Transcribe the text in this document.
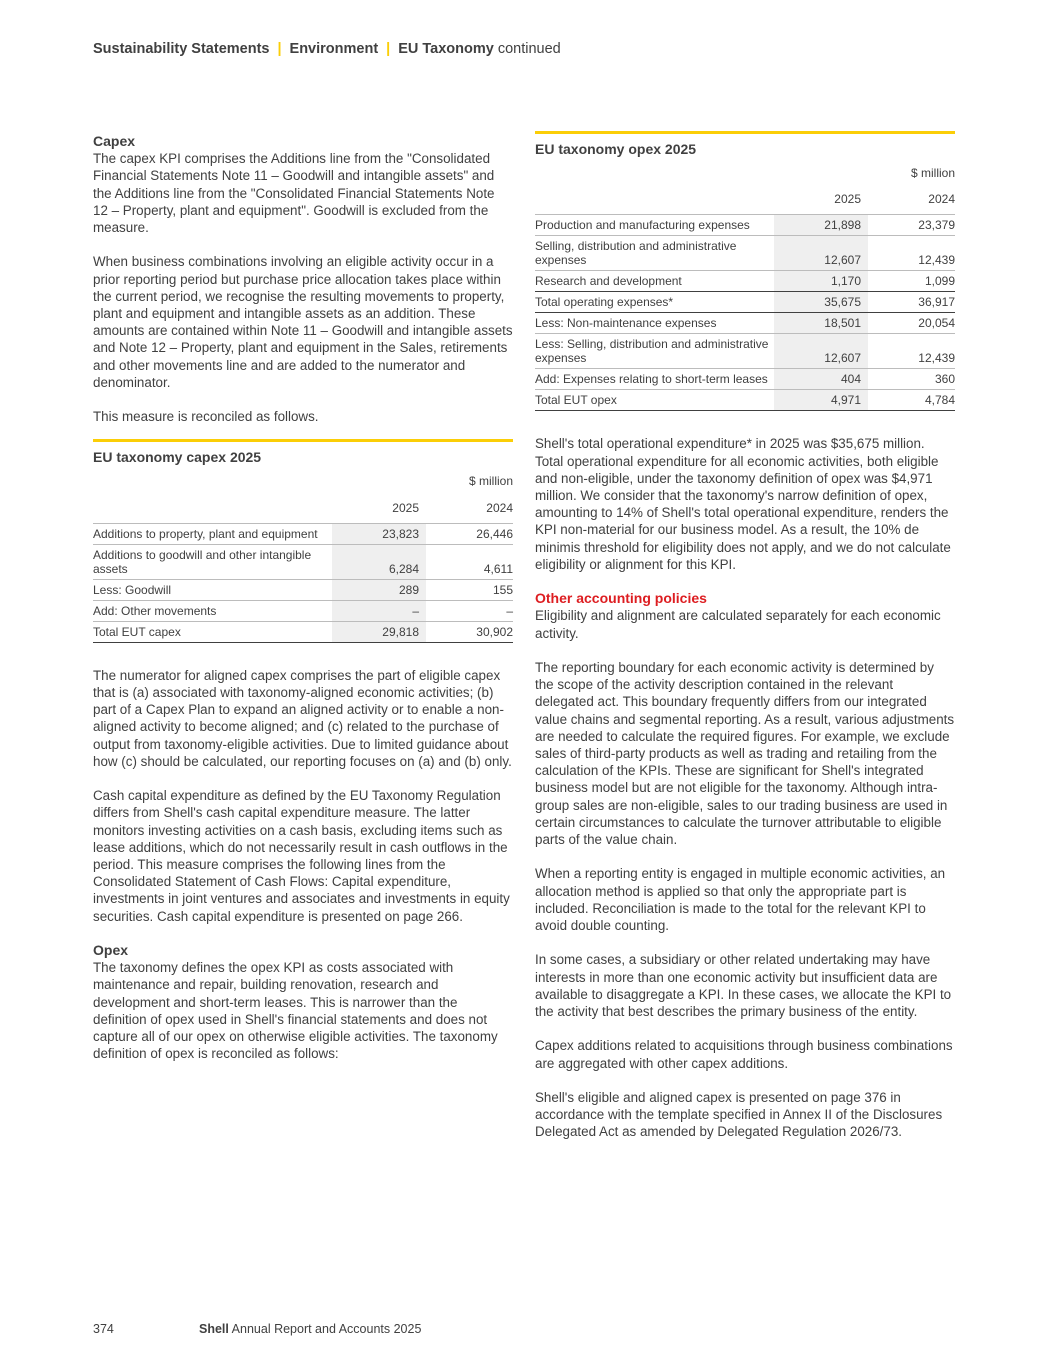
Sustainability Statements | Environment | EU Taxonomy continued
Capex

The capex KPI comprises the Additions line from the "Consolidated Financial Statements Note 11 – Goodwill and intangible assets" and the Additions line from the "Consolidated Financial Statements Note 12 – Property, plant and equipment". Goodwill is excluded from the measure.

When business combinations involving an eligible activity occur in a prior reporting period but purchase price allocation takes place within the current period, we recognise the resulting movements to property, plant and equipment and intangible assets as an addition. These amounts are contained within Note 11 – Goodwill and intangible assets and Note 12 – Property, plant and equipment in the Sales, retirements and other movements line and are added to the numerator and denominator.

This measure is reconciled as follows.

EU taxonomy capex 2025
		$ million
	2025	2024
Additions to property, plant and equipment	23,823	26,446
Additions to goodwill and other intangible assets	6,284	4,611
Less: Goodwill	289	155
Add: Other movements	–	–
Total EUT capex	29,818	30,902

The numerator for aligned capex comprises the part of eligible capex that is (a) associated with taxonomy-aligned economic activities; (b) part of a Capex Plan to expand an aligned activity or to enable a non-aligned activity to become aligned; and (c) related to the purchase of output from taxonomy-eligible activities. Due to limited guidance about how (c) should be calculated, our reporting focuses on (a) and (b) only.

Cash capital expenditure as defined by the EU Taxonomy Regulation differs from Shell's cash capital expenditure measure. The latter monitors investing activities on a cash basis, excluding items such as lease additions, which do not necessarily result in cash outflows in the period. This measure comprises the following lines from the Consolidated Statement of Cash Flows: Capital expenditure, investments in joint ventures and associates and investments in equity securities. Cash capital expenditure is presented on page 266.

Opex

The taxonomy defines the opex KPI as costs associated with maintenance and repair, building renovation, research and development and short-term leases. This is narrower than the definition of opex used in Shell's financial statements and does not capture all of our opex on otherwise eligible activities. The taxonomy definition of opex is reconciled as follows:

EU taxonomy opex 2025
		$ million
	2025	2024
Production and manufacturing expenses	21,898	23,379
Selling, distribution and administrative expenses	12,607	12,439
Research and development	1,170	1,099
Total operating expenses*	35,675	36,917
Less: Non-maintenance expenses	18,501	20,054
Less: Selling, distribution and administrative expenses	12,607	12,439
Add: Expenses relating to short-term leases	404	360
Total EUT opex	4,971	4,784

Shell's total operational expenditure* in 2025 was $35,675 million. Total operational expenditure for all economic activities, both eligible and non-eligible, under the taxonomy definition of opex was $4,971 million. We consider that the taxonomy's narrow definition of opex, amounting to 14% of Shell's total operational expenditure, renders the KPI non-material for our business model. As a result, the 10% de minimis threshold for eligibility does not apply, and we do not calculate eligibility or alignment for this KPI.

Other accounting policies

Eligibility and alignment are calculated separately for each economic activity.

The reporting boundary for each economic activity is determined by the scope of the activity description contained in the relevant delegated act. This boundary frequently differs from our integrated value chains and segmental reporting. As a result, various adjustments are needed to calculate the required figures. For example, we exclude sales of third-party products as well as trading and retailing from the calculation of the KPIs. These are significant for Shell's integrated business model but are not eligible for the taxonomy. Although intra-group sales are non-eligible, sales to our trading business are used in certain circumstances to calculate the turnover attributable to eligible parts of the value chain.

When a reporting entity is engaged in multiple economic activities, an allocation method is applied so that only the appropriate part is included. Reconciliation is made to the total for the relevant KPI to avoid double counting.

In some cases, a subsidiary or other related undertaking may have interests in more than one economic activity but insufficient data are available to disaggregate a KPI. In these cases, we allocate the KPI to the activity that best describes the primary business of the entity.

Capex additions related to acquisitions through business combinations are aggregated with other capex additions.

Shell's eligible and aligned capex is presented on page 376 in accordance with the template specified in Annex II of the Disclosures Delegated Act as amended by Delegated Regulation 2026/73.

374	Shell Annual Report and Accounts 2025
